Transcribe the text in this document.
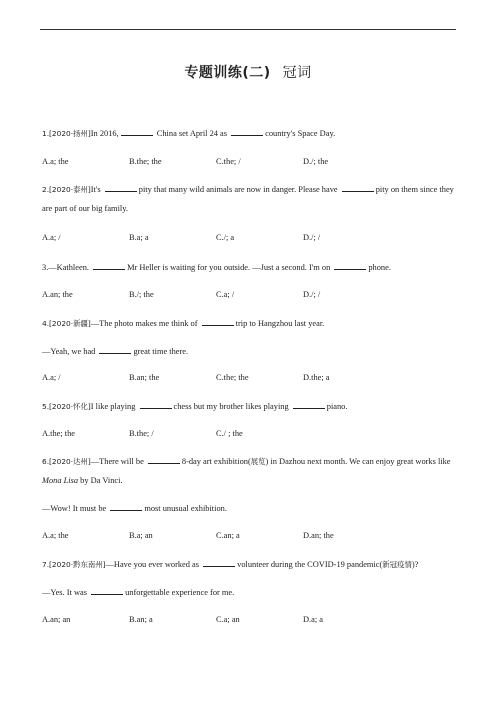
专题训练(二) 冠词
1.[2020·扬州]In 2016,	China set April 24 as	country's Space Day.
A.a; the	B.the; the	C.the; /	D./; the
2.[2020·泰州]It's	pity that many wild animals are now in danger. Please have	pity on them since they are part of our big family.
A.a; /	B.a; a	C./; a	D./; /
3.—Kathleen.	Mr Heller is waiting for you outside. —Just a second. I'm on	phone.
A.an; the	B./; the	C.a; /	D./; /
4.[2020·新疆]—The photo makes me think of	trip to Hangzhou last year.
—Yeah, we had	great time there.
A.a; /	B.an; the	C.the; the	D.the; a
5.[2020·怀化]I like playing	chess but my brother likes playing	piano.
A.the; the	B.the; /	C./ ; the
6.[2020·达州]—There will be	8-day art exhibition(展览) in Dazhou next month. We can enjoy great works like Mona Lisa by Da Vinci.
—Wow! It must be	most unusual exhibition.
A.a; the	B.a; an	C.an; a	D.an; the
7.[2020·黔东南州]—Have you ever worked as	volunteer during the COVID-19 pandemic(新冠疫情)?
—Yes. It was	unforgettable experience for me.
A.an; an	B.an; a	C.a; an	D.a; a
